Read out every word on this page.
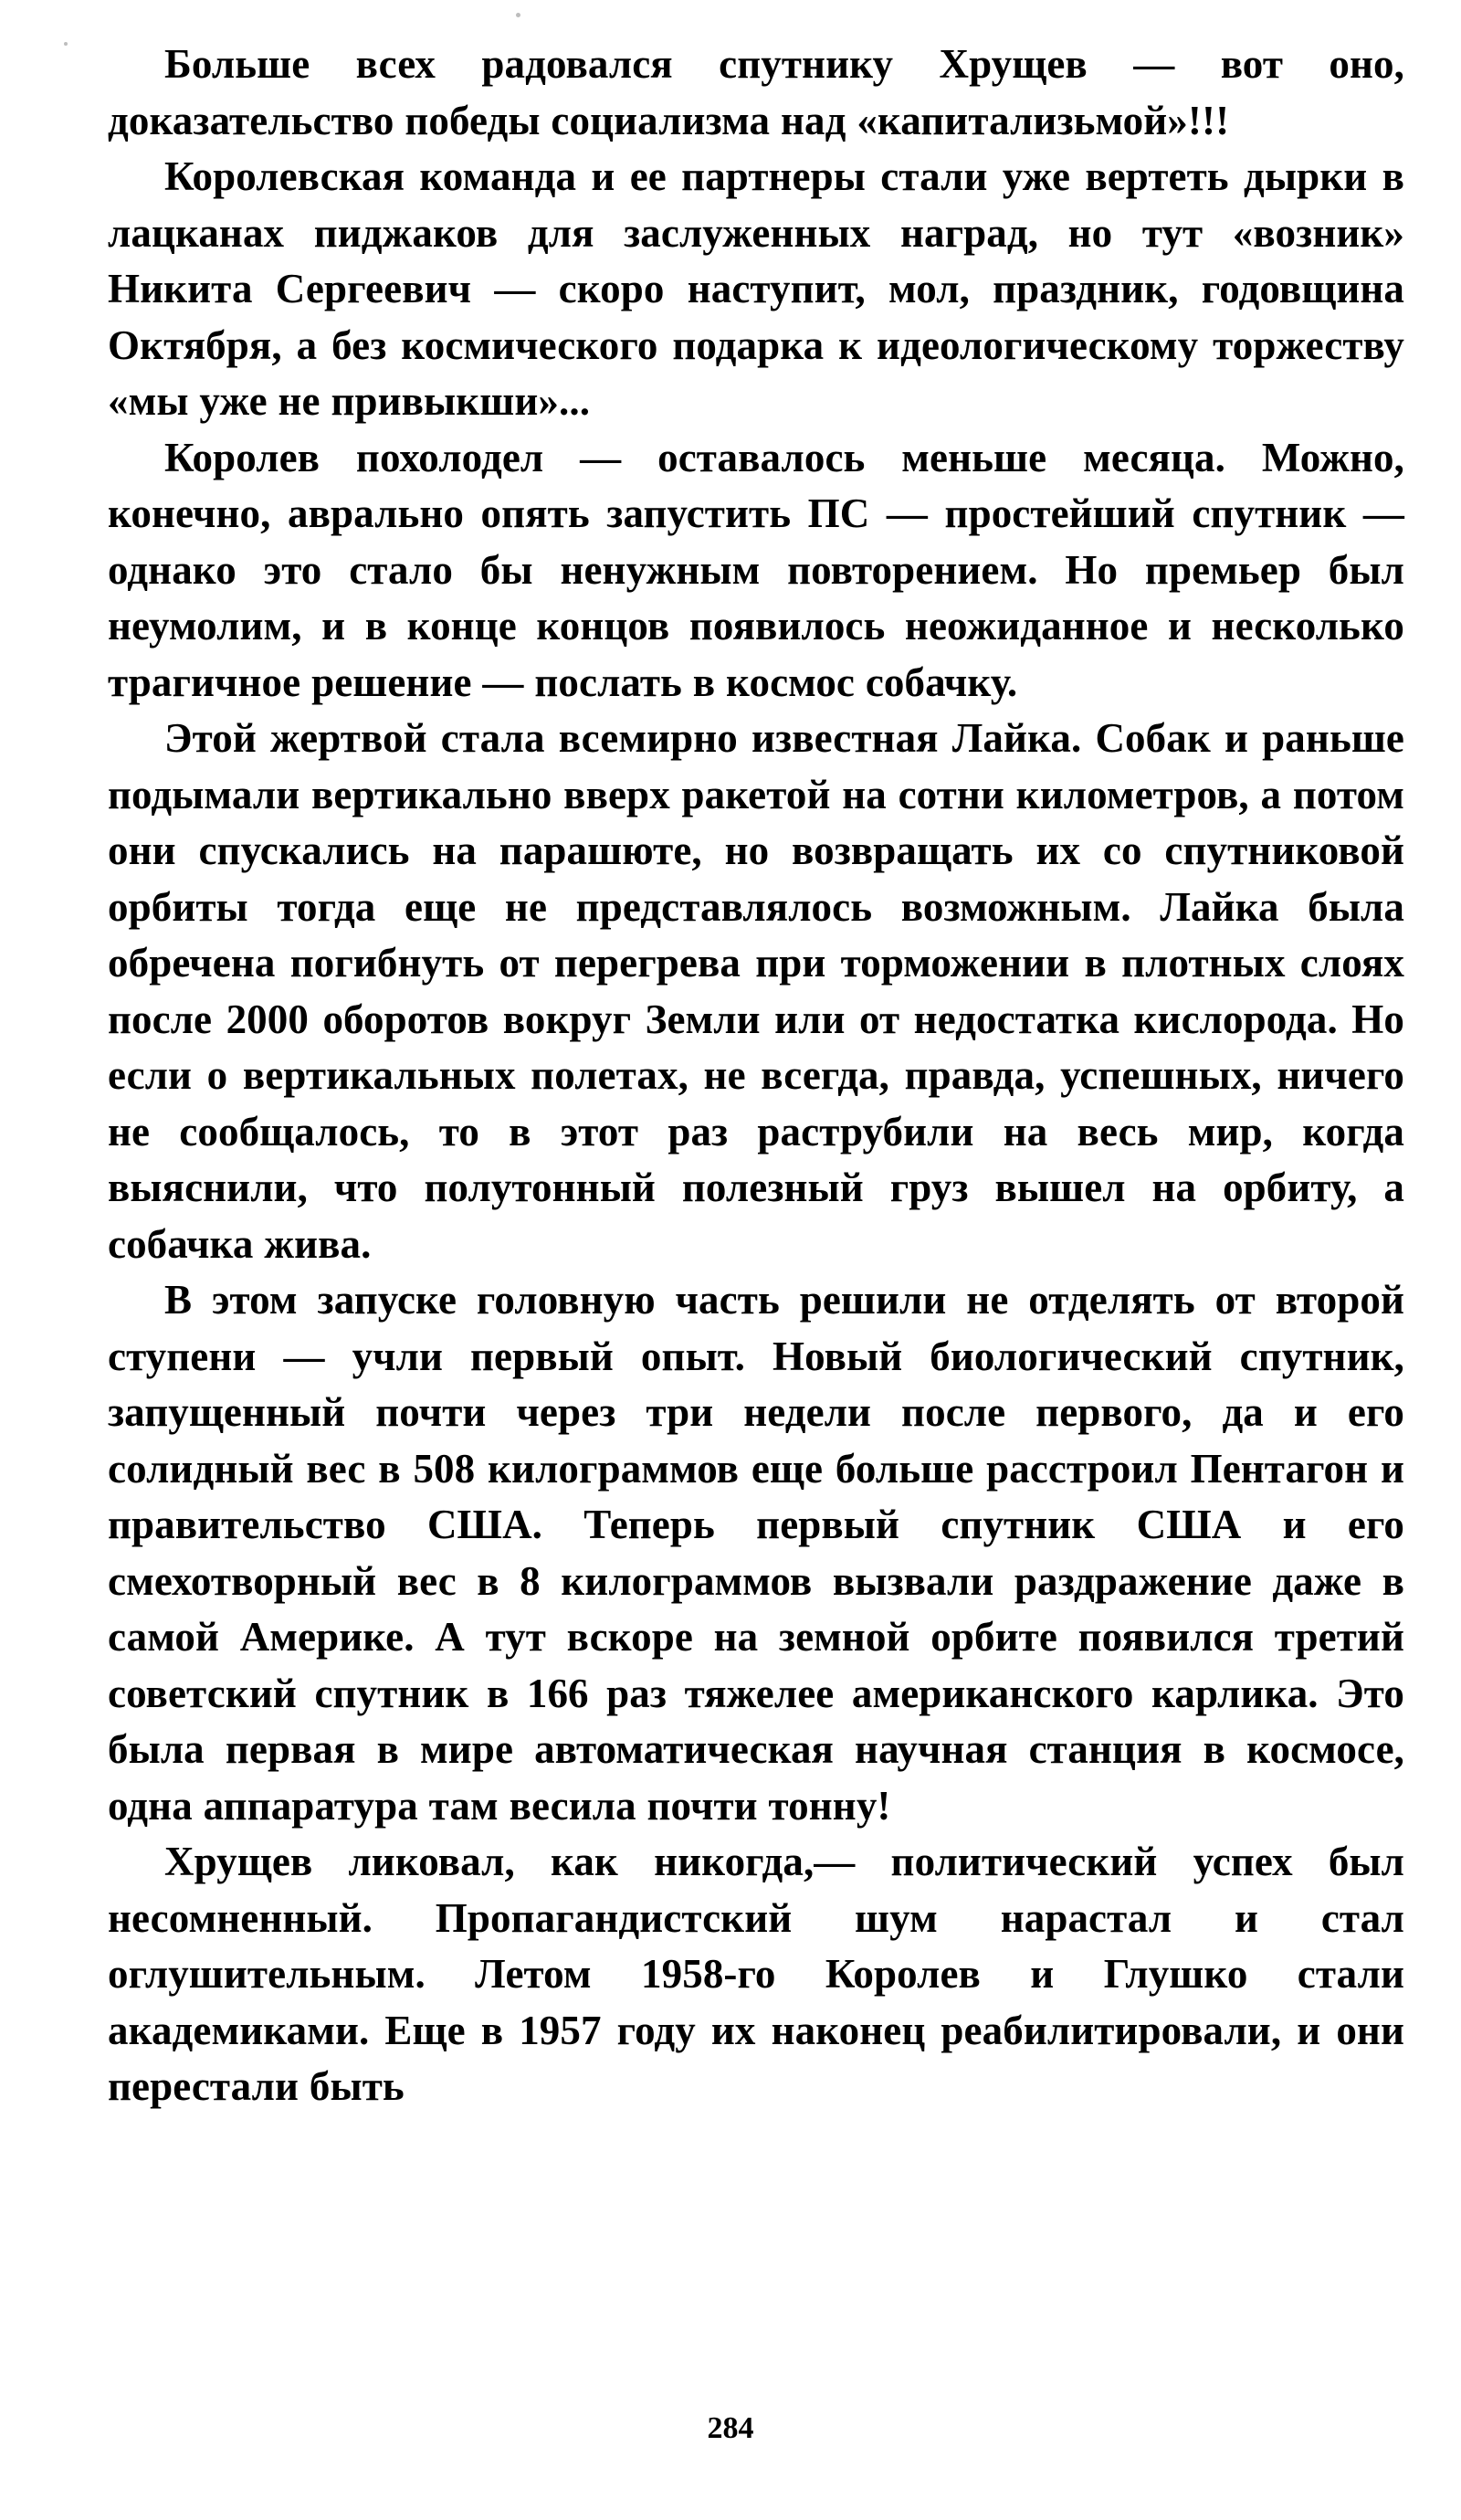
Больше всех радовался спутнику Хрущев — вот оно, доказательство победы социализма над «капитализьмой»!!!

Королевская команда и ее партнеры стали уже вертеть дырки в лацканах пиджаков для заслуженных наград, но тут «возник» Никита Сергеевич — скоро наступит, мол, праздник, годовщина Октября, а без космического подарка к идеологическому торжеству «мы уже не привыкши»...

Королев похолодел — оставалось меньше месяца. Можно, конечно, аврально опять запустить ПС — простейший спутник — однако это стало бы ненужным повторением. Но премьер был неумолим, и в конце концов появилось неожиданное и несколько трагичное решение — послать в космос собачку.

Этой жертвой стала всемирно известная Лайка. Собак и раньше подымали вертикально вверх ракетой на сотни километров, а потом они спускались на парашюте, но возвращать их со спутниковой орбиты тогда еще не представлялось возможным. Лайка была обречена погибнуть от перегрева при торможении в плотных слоях после 2000 оборотов вокруг Земли или от недостатка кислорода. Но если о вертикальных полетах, не всегда, правда, успешных, ничего не сообщалось, то в этот раз раструбили на весь мир, когда выяснили, что полутонный полезный груз вышел на орбиту, а собачка жива.

В этом запуске головную часть решили не отделять от второй ступени — учли первый опыт. Новый биологический спутник, запущенный почти через три недели после первого, да и его солидный вес в 508 килограммов еще больше расстроил Пентагон и правительство США. Теперь первый спутник США и его смехотворный вес в 8 килограммов вызвали раздражение даже в самой Америке. А тут вскоре на земной орбите появился третий советский спутник в 166 раз тяжелее американского карлика. Это была первая в мире автоматическая научная станция в космосе, одна аппаратура там весила почти тонну!

Хрущев ликовал, как никогда,— политический успех был несомненный. Пропагандистский шум нарастал и стал оглушительным. Летом 1958-го Королев и Глушко стали академиками. Еще в 1957 году их наконец реабилитировали, и они перестали быть

284
